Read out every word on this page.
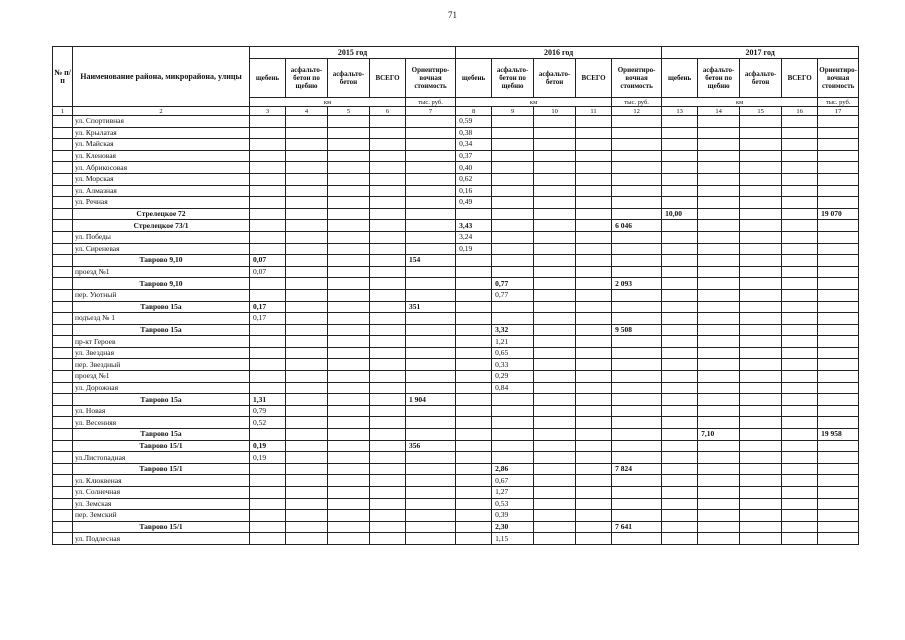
71
№ п/п	Наименование района, микрорайона, улицы	2015 год					2016 год					2017 год				
		щебень	асфальто-бетон по щебню	асфальто-бетон	ВСЕГО	Ориентиро-вочная стоимость	щебень	асфальто-бетон по щебню	асфальто-бетон	ВСЕГО	Ориентиро-вочная стоимость	щебень	асфальто-бетон по щебню	асфальто-бетон	ВСЕГО	Ориентиро-вочная стоимость
		км				тыс. руб.	км				тыс. руб.	км				тыс. руб.
1	2	3	4	5	6	7	8	9	10	11	12	13	14	15	16	17
	ул. Спортивная						0,59									
	ул. Крылатая						0,38									
	ул. Майская						0,34									
	ул. Кленовая						0,37									
	ул. Абрикосовая						0,40									
	ул. Морская						0,62									
	ул. Алмазная						0,16									
	ул. Речная						0,49									
	Стрелецкое 72											10,00				19 070
	Стрелецкое 73/1						3,43				6 046					
	ул. Победы						3,24									
	ул. Сиреневая						0,19									
	Таврово 9,10	0,07				154										
	проезд №1	0,07														
	Таврово 9,10							0,77			2 093					
	пер. Уютный							0,77								
	Таврово 15а	0,17				351										
	подъезд № 1	0,17														
	Таврово 15а							3,32			9 508					
	пр-кт Героев							1,21								
	ул. Звездная							0,65								
	пер. Звездный							0,33								
	проезд №1							0,29								
	ул. Дорожная							0,84								
	Таврово 15а	1,31				1 904										
	ул. Новая	0,79														
	ул. Весенняя	0,52														
	Таврово 15а												7,10			19 958
	Таврово 15/1	0,19				356										
	ул.Листопадная	0,19														
	Таврово 15/1							2,86			7 824					
	ул. Клюквеная							0,67								
	ул. Солнечная							1,27								
	ул. Земская							0,53								
	пер. Земский							0,39								
	Таврово 15/1							2,30			7 641					
	ул. Подлесная							1,15								
